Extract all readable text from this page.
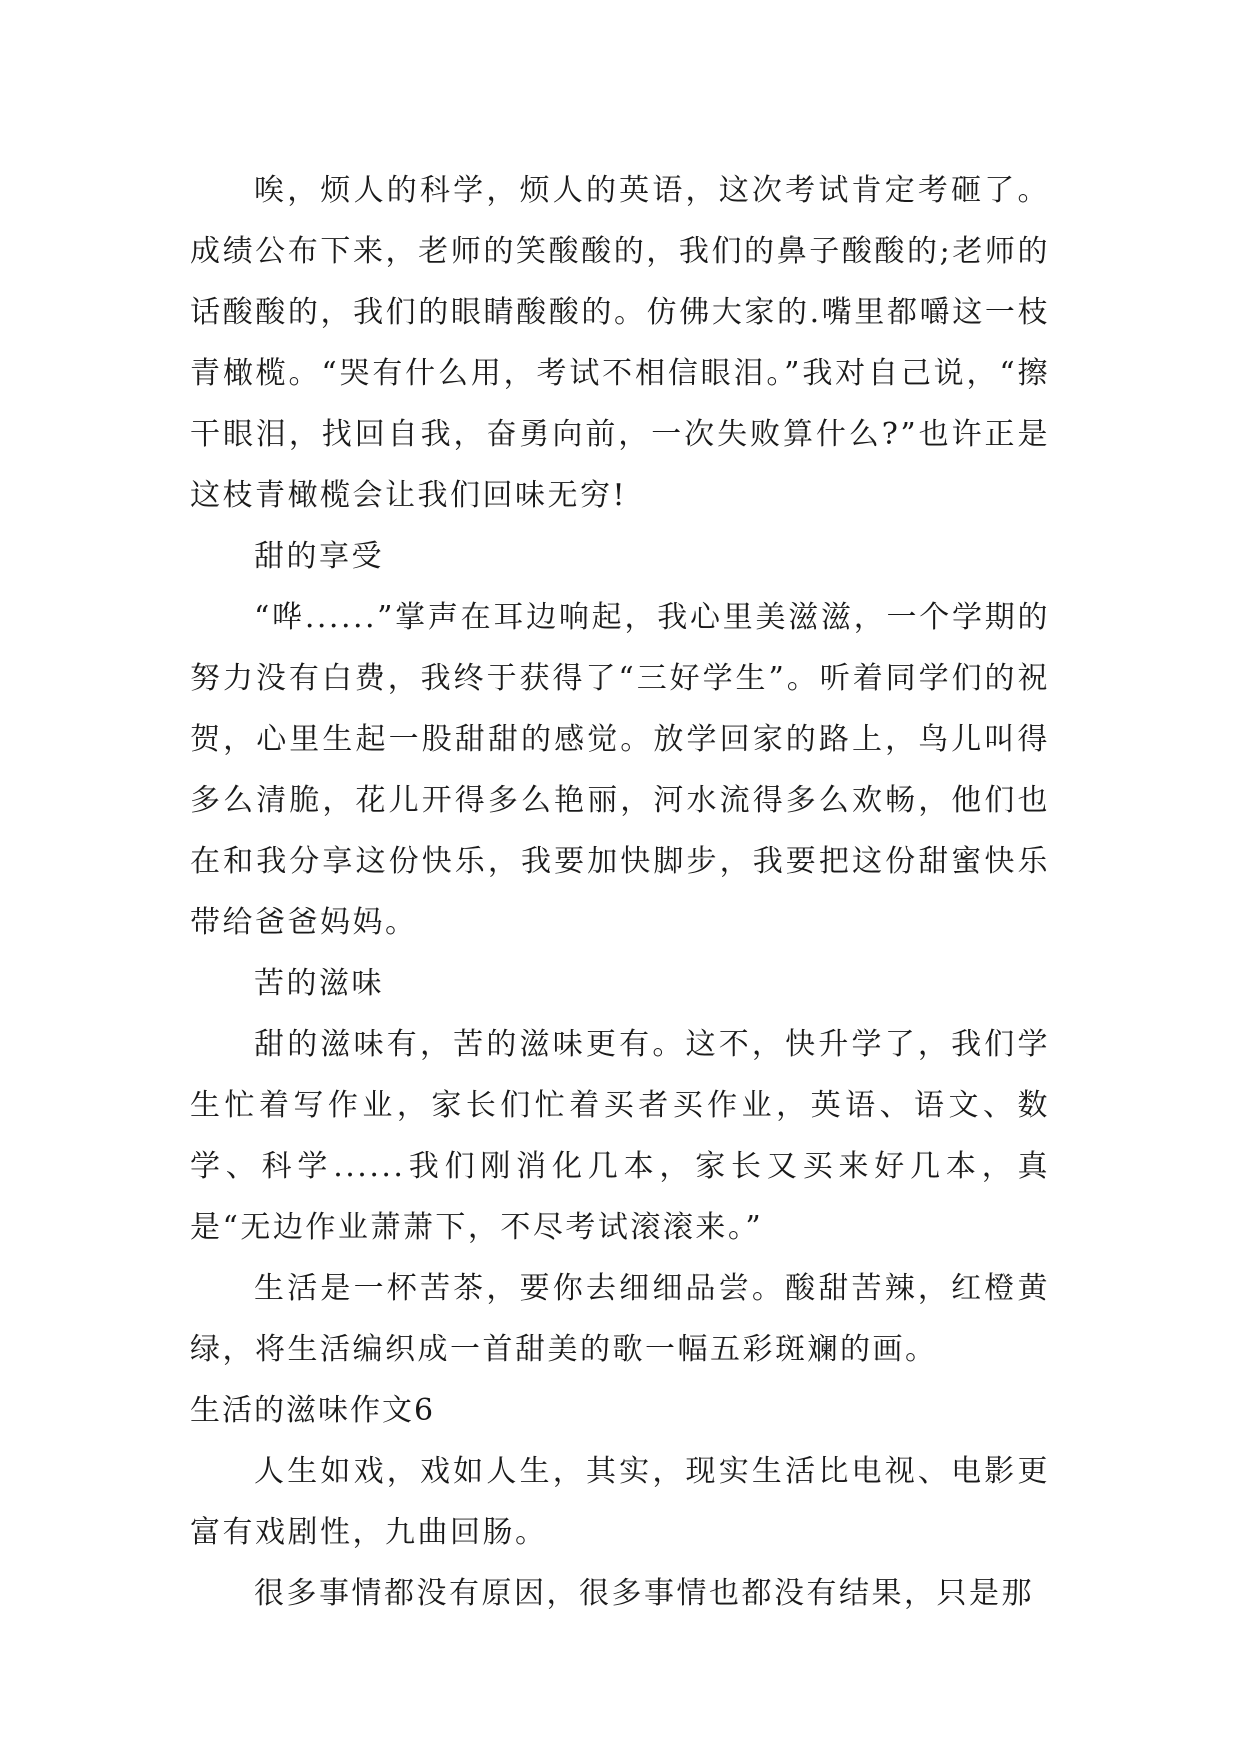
唉，烦人的科学，烦人的英语，这次考试肯定考砸了。成绩公布下来，老师的笑酸酸的，我们的鼻子酸酸的;老师的话酸酸的，我们的眼睛酸酸的。仿佛大家的.嘴里都嚼这一枝青橄榄。“哭有什么用，考试不相信眼泪。”我对自己说，“擦干眼泪，找回自我，奋勇向前，一次失败算什么?”也许正是这枝青橄榄会让我们回味无穷!

甜的享受

“哗......”掌声在耳边响起，我心里美滋滋，一个学期的努力没有白费，我终于获得了“三好学生”。听着同学们的祝贺，心里生起一股甜甜的感觉。放学回家的路上，鸟儿叫得多么清脆，花儿开得多么艳丽，河水流得多么欢畅，他们也在和我分享这份快乐，我要加快脚步，我要把这份甜蜜快乐带给爸爸妈妈。

苦的滋味

甜的滋味有，苦的滋味更有。这不，快升学了，我们学生忙着写作业，家长们忙着买者买作业，英语、语文、数学、科学......我们刚消化几本，家长又买来好几本，真是“无边作业萧萧下，不尽考试滚滚来。”

生活是一杯苦茶，要你去细细品尝。酸甜苦辣，红橙黄绿，将生活编织成一首甜美的歌一幅五彩斑斓的画。

生活的滋味作文6

人生如戏，戏如人生，其实，现实生活比电视、电影更富有戏剧性，九曲回肠。

很多事情都没有原因，很多事情也都没有结果，只是那
